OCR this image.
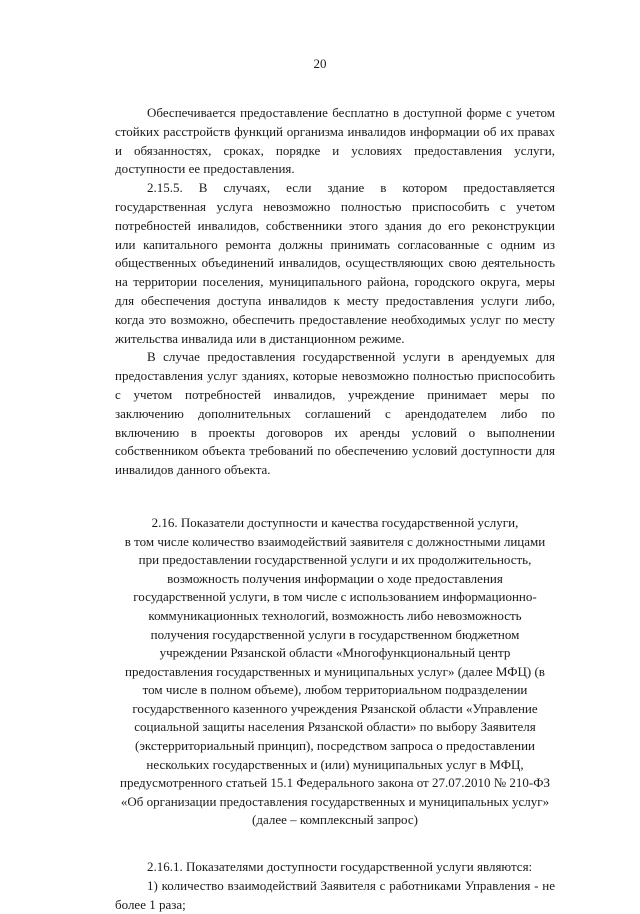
20

Обеспечивается предоставление бесплатно в доступной форме с учетом стойких расстройств функций организма инвалидов информации об их правах и обязанностях, сроках, порядке и условиях предоставления услуги, доступности ее предоставления.

2.15.5. В случаях, если здание в котором предоставляется государственная услуга невозможно полностью приспособить с учетом потребностей инвалидов, собственники этого здания до его реконструкции или капитального ремонта должны принимать согласованные с одним из общественных объединений инвалидов, осуществляющих свою деятельность на территории поселения, муниципального района, городского округа, меры для обеспечения доступа инвалидов к месту предоставления услуги либо, когда это возможно, обеспечить предоставление необходимых услуг по месту жительства инвалида или в дистанционном режиме.

В случае предоставления государственной услуги в арендуемых для предоставления услуг зданиях, которые невозможно полностью приспособить с учетом потребностей инвалидов, учреждение принимает меры по заключению дополнительных соглашений с арендодателем либо по включению в проекты договоров их аренды условий о выполнении собственником объекта требований по обеспечению условий доступности для инвалидов данного объекта.

2.16. Показатели доступности и качества государственной услуги,
в том числе количество взаимодействий заявителя с должностными лицами
при предоставлении государственной услуги и их продолжительность,
возможность получения информации о ходе предоставления
государственной услуги, в том числе с использованием информационно-
коммуникационных технологий, возможность либо невозможность
получения государственной услуги в государственном бюджетном
учреждении Рязанской области «Многофункциональный центр
предоставления государственных и муниципальных услуг» (далее МФЦ) (в
том числе в полном объеме), любом территориальном подразделении
государственного казенного учреждения Рязанской области «Управление
социальной защиты населения Рязанской области» по выбору Заявителя
(экстерриториальный принцип), посредством запроса о предоставлении
нескольких государственных и (или) муниципальных услуг в МФЦ,
предусмотренного статьей 15.1 Федерального закона от 27.07.2010 № 210-ФЗ
«Об организации предоставления государственных и муниципальных услуг»
(далее – комплексный запрос)

2.16.1. Показателями доступности государственной услуги являются:

1) количество взаимодействий Заявителя с работниками Управления - не более 1 раза;
